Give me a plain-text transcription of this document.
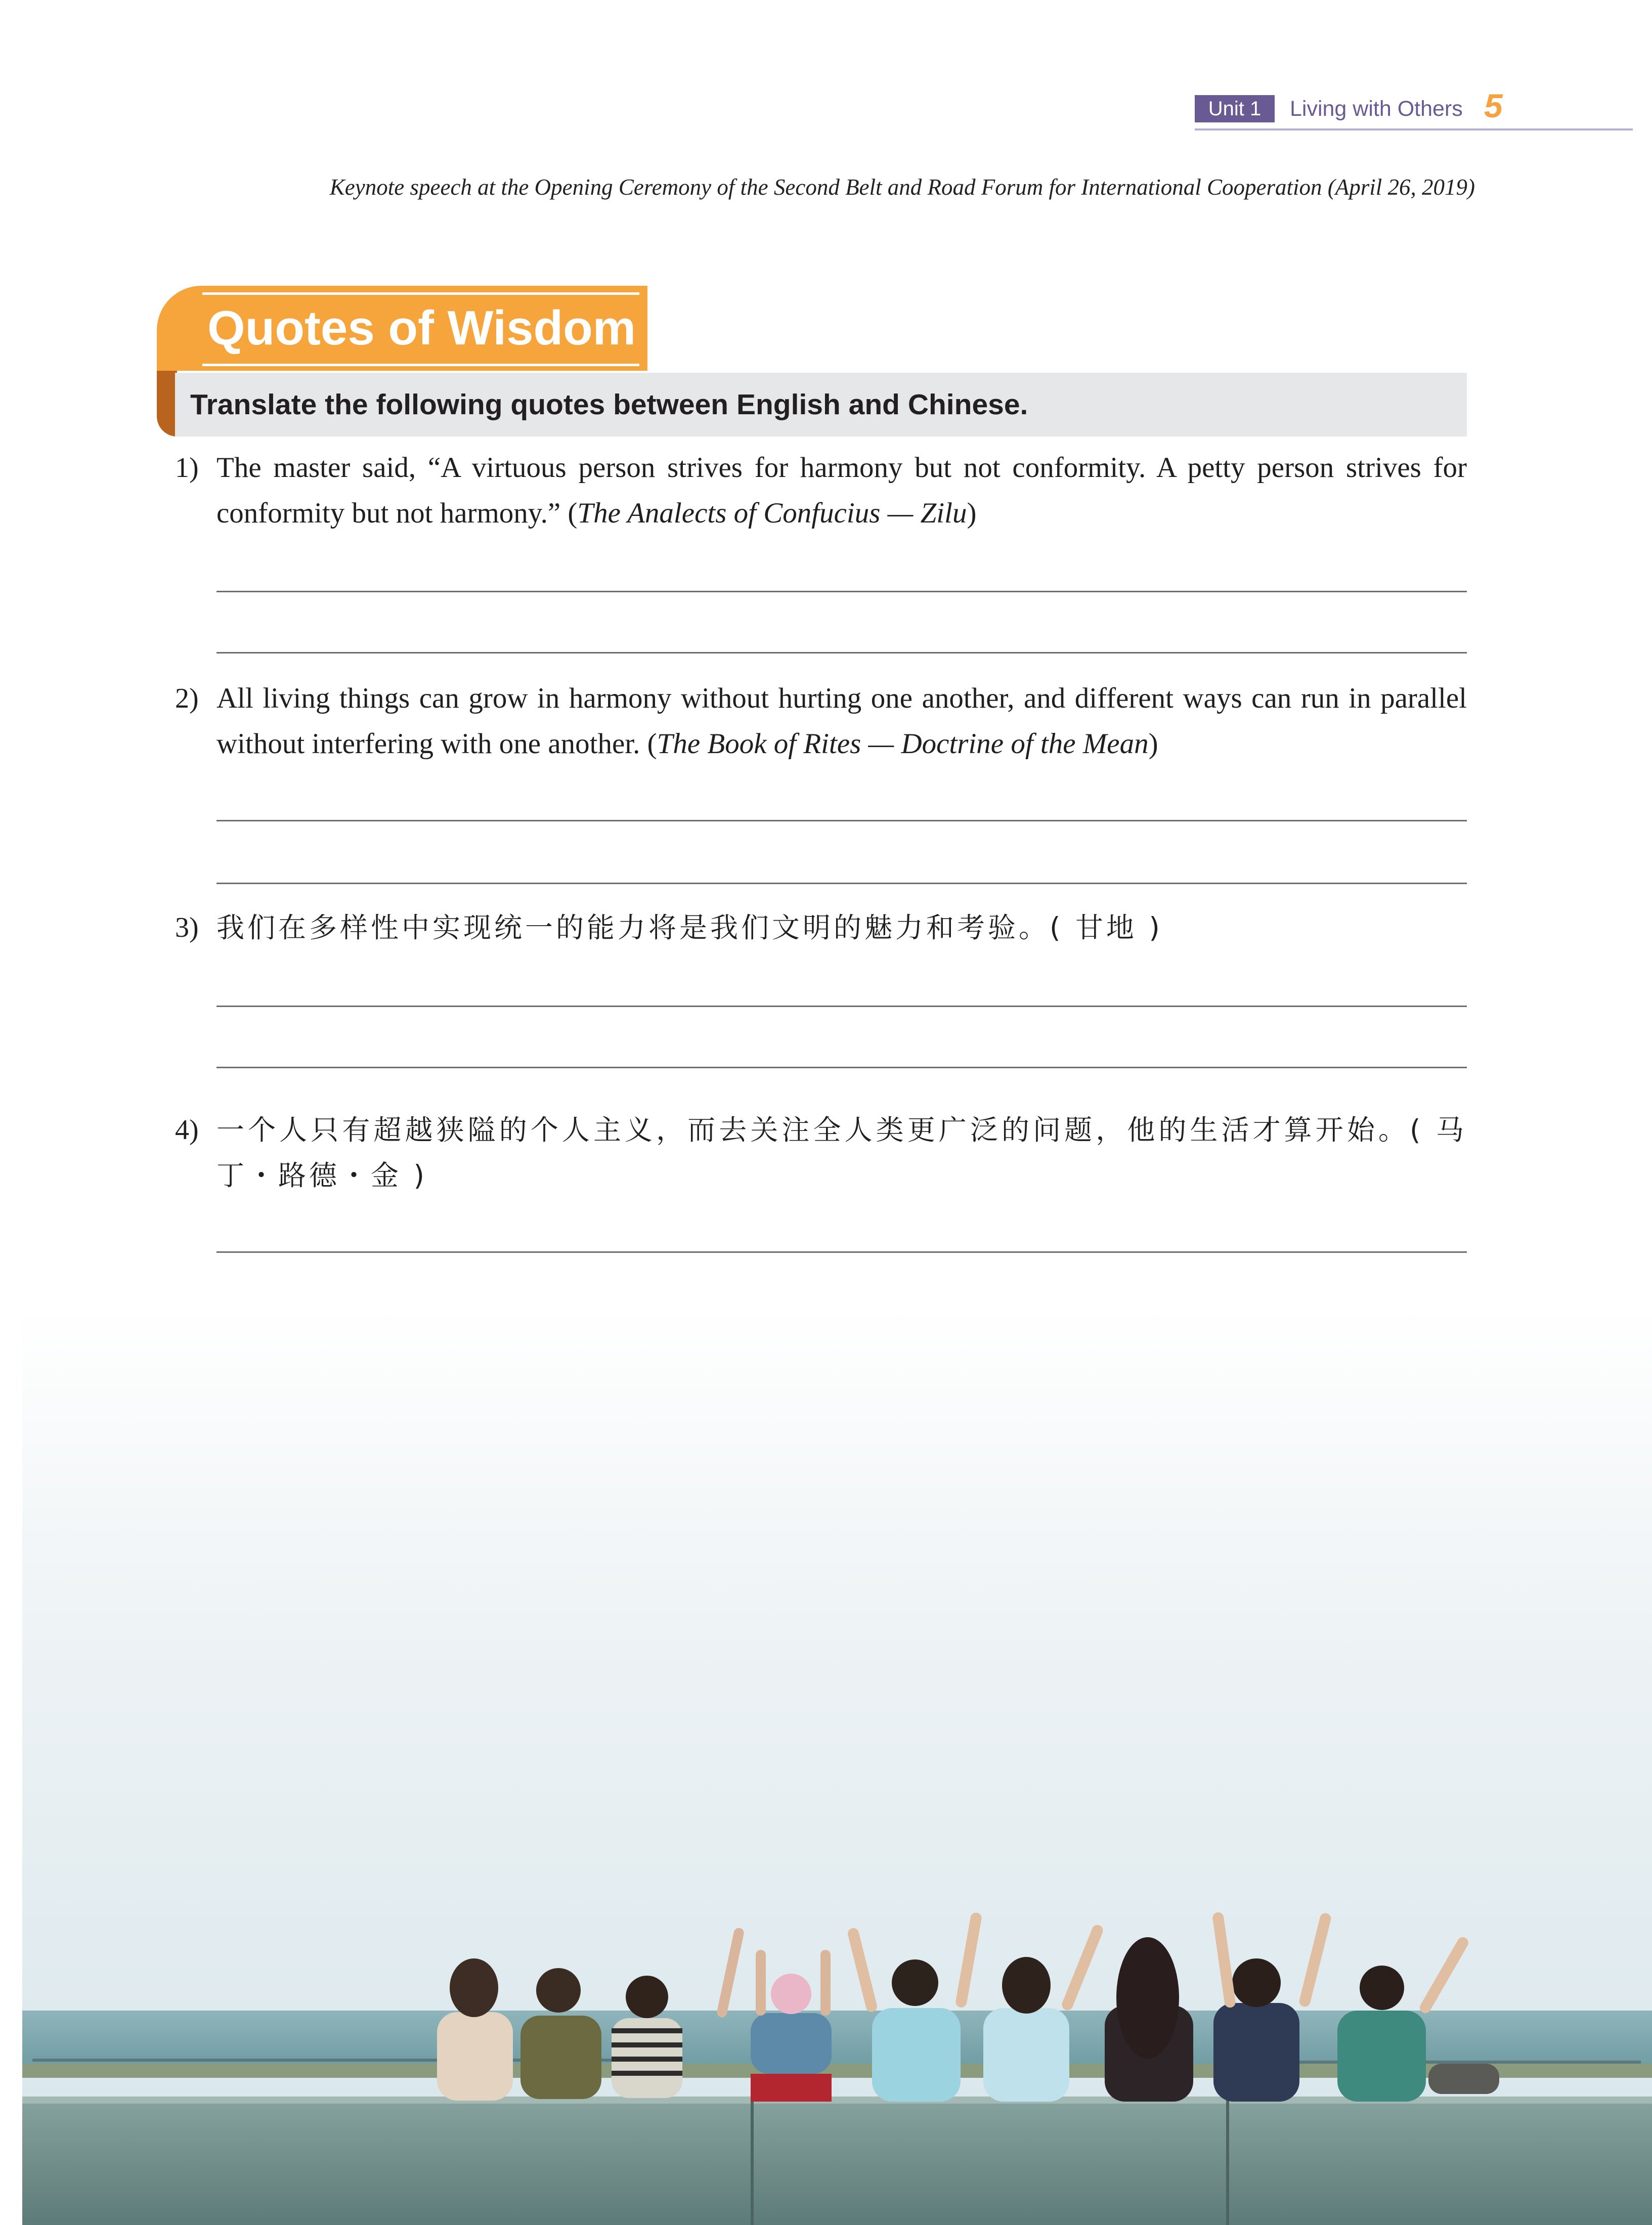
Unit 1	Living with Others 5
Keynote speech at the Opening Ceremony of the Second Belt and Road Forum for International Cooperation (April 26, 2019)
Quotes of Wisdom
Translate the following quotes between English and Chinese.
1) The master said, “A virtuous person strives for harmony but not conformity. A petty person strives for conformity but not harmony.” (The Analects of Confucius — Zilu)
2) All living things can grow in harmony without hurting one another, and different ways can run in parallel without interfering with one another. (The Book of Rites — Doctrine of the Mean)
3) 我们在多样性中实现统一的能力将是我们文明的魅力和考验。( 甘地 )
4) 一个人只有超越狭隘的个人主义，而去关注全人类更广泛的问题，他的生活才算开始。( 马丁・路德・金 )
